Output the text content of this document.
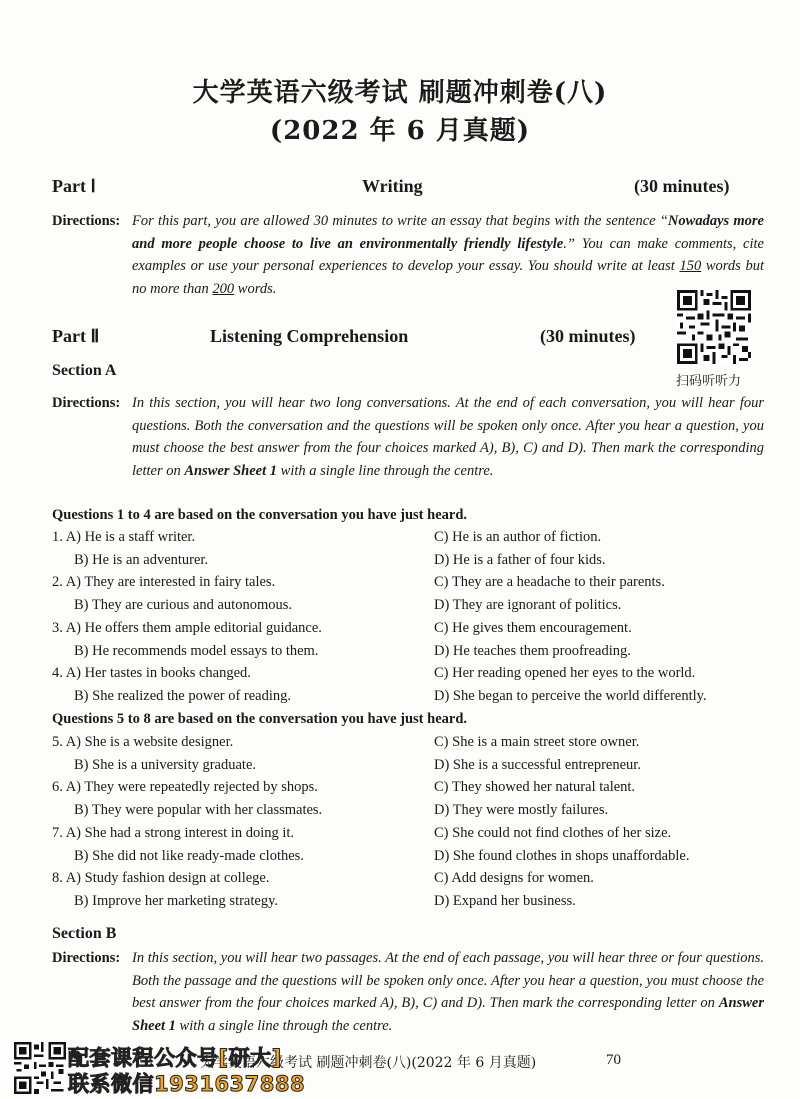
大学英语六级考试 刷题冲刺卷(八)
(2022 年 6 月真题)
Part Ⅰ	Writing	(30 minutes)
Directions: For this part, you are allowed 30 minutes to write an essay that begins with the sentence “Nowadays more and more people choose to live an environmentally friendly lifestyle.” You can make comments, cite examples or use your personal experiences to develop your essay. You should write at least 150 words but no more than 200 words.
扫码听听力
Part Ⅱ	Listening Comprehension	(30 minutes)
Section A
Directions: In this section, you will hear two long conversations. At the end of each conversation, you will hear four questions. Both the conversation and the questions will be spoken only once. After you hear a question, you must choose the best answer from the four choices marked A), B), C) and D). Then mark the corresponding letter on Answer Sheet 1 with a single line through the centre.
Questions 1 to 4 are based on the conversation you have just heard.
1. A) He is a staff writer.	C) He is an author of fiction.
B) He is an adventurer.	D) He is a father of four kids.
2. A) They are interested in fairy tales.	C) They are a headache to their parents.
B) They are curious and autonomous.	D) They are ignorant of politics.
3. A) He offers them ample editorial guidance.	C) He gives them encouragement.
B) He recommends model essays to them.	D) He teaches them proofreading.
4. A) Her tastes in books changed.	C) Her reading opened her eyes to the world.
B) She realized the power of reading.	D) She began to perceive the world differently.
Questions 5 to 8 are based on the conversation you have just heard.
5. A) She is a website designer.	C) She is a main street store owner.
B) She is a university graduate.	D) She is a successful entrepreneur.
6. A) They were repeatedly rejected by shops.	C) They showed her natural talent.
B) They were popular with her classmates.	D) They were mostly failures.
7. A) She had a strong interest in doing it.	C) She could not find clothes of her size.
B) She did not like ready-made clothes.	D) She found clothes in shops unaffordable.
8. A) Study fashion design at college.	C) Add designs for women.
B) Improve her marketing strategy.	D) Expand her business.
Section B
Directions: In this section, you will hear two passages. At the end of each passage, you will hear three or four questions. Both the passage and the questions will be spoken only once. After you hear a question, you must choose the best answer from the four choices marked A), B), C) and D). Then mark the corresponding letter on Answer Sheet 1 with a single line through the centre.
大学英语六级考试 刷题冲刺卷(八)(2022 年 6 月真题)	70
配套课程公众号[研大]
联系微信1931637888
